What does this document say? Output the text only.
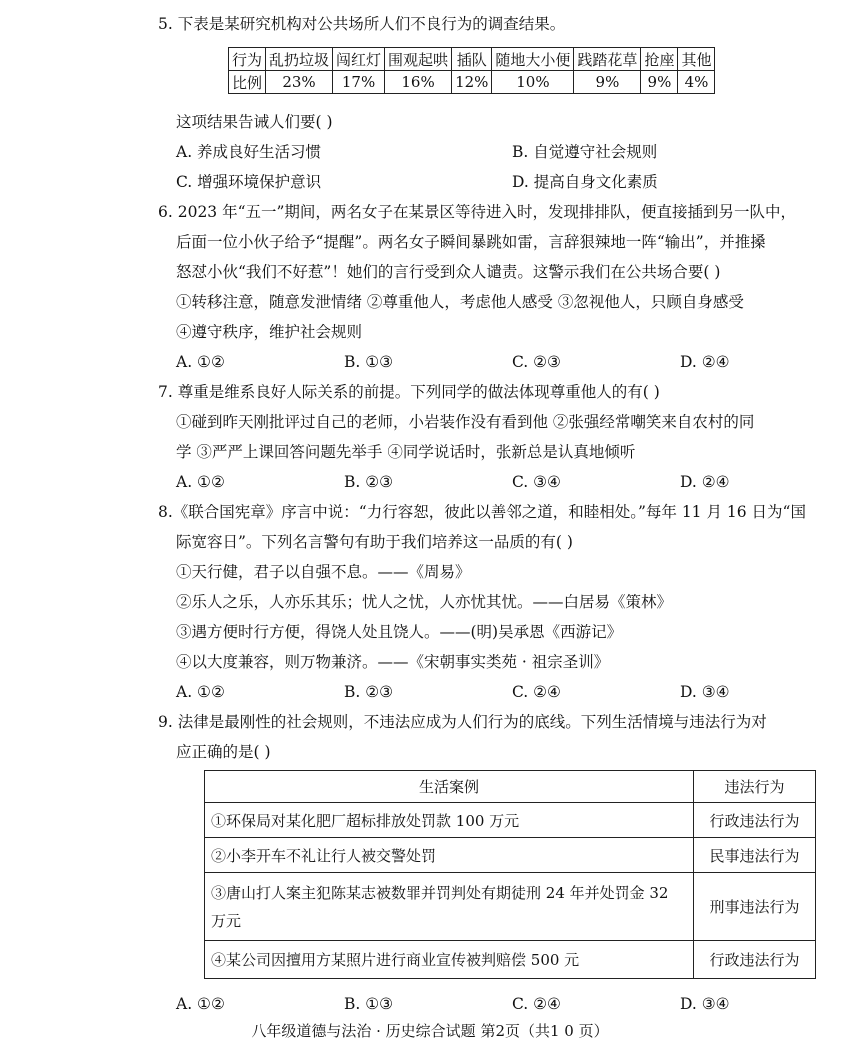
5. 下表是某研究机构对公共场所人们不良行为的调查结果。
行为	乱扔垃圾	闯红灯	围观起哄	插队	随地大小便	践踏花草	抢座	其他
比例	23%	17%	16%	12%	10%	9%	9%	4%
这项结果告诫人们要( )
A. 养成良好生活习惯	B. 自觉遵守社会规则
C. 增强环境保护意识	D. 提高自身文化素质
6. 2023 年“五一”期间，两名女子在某景区等待进入时，发现排排队，便直接插到另一队中，
后面一位小伙子给予“提醒”。两名女子瞬间暴跳如雷，言辞狠辣地一阵“输出”，并推搡
怒怼小伙“我们不好惹”！她们的言行受到众人谴责。这警示我们在公共场合要( )
①转移注意，随意发泄情绪 ②尊重他人，考虑他人感受 ③忽视他人，只顾自身感受
④遵守秩序，维护社会规则
A. ①②	B. ①③	C. ②③	D. ②④
7. 尊重是维系良好人际关系的前提。下列同学的做法体现尊重他人的有( )
①碰到昨天刚批评过自己的老师，小岩装作没有看到他 ②张强经常嘲笑来自农村的同
学 ③严严上课回答问题先举手 ④同学说话时，张新总是认真地倾听
A. ①②	B. ②③	C. ③④	D. ②④
8.《联合国宪章》序言中说：“力行容恕，彼此以善邻之道，和睦相处。”每年 11 月 16 日为“国
际宽容日”。下列名言警句有助于我们培养这一品质的有( )
①天行健，君子以自强不息。——《周易》
②乐人之乐，人亦乐其乐；忧人之忧，人亦忧其忧。——白居易《策林》
③遇方便时行方便，得饶人处且饶人。——(明)吴承恩《西游记》
④以大度兼容，则万物兼济。——《宋朝事实类苑 · 祖宗圣训》
A. ①②	B. ②③	C. ②④	D. ③④
9. 法律是最刚性的社会规则，不违法应成为人们行为的底线。下列生活情境与违法行为对
应正确的是( )
生活案例	违法行为
①环保局对某化肥厂超标排放处罚款 100 万元	行政违法行为
②小李开车不礼让行人被交警处罚	民事违法行为
③唐山打人案主犯陈某志被数罪并罚判处有期徒刑 24 年并处罚金 32 万元	刑事违法行为
④某公司因擅用方某照片进行商业宣传被判赔偿 500 元	行政违法行为
A. ①②	B. ①③	C. ②④	D. ③④
八年级道德与法治 · 历史综合试题 第2页（共1 0 页）
